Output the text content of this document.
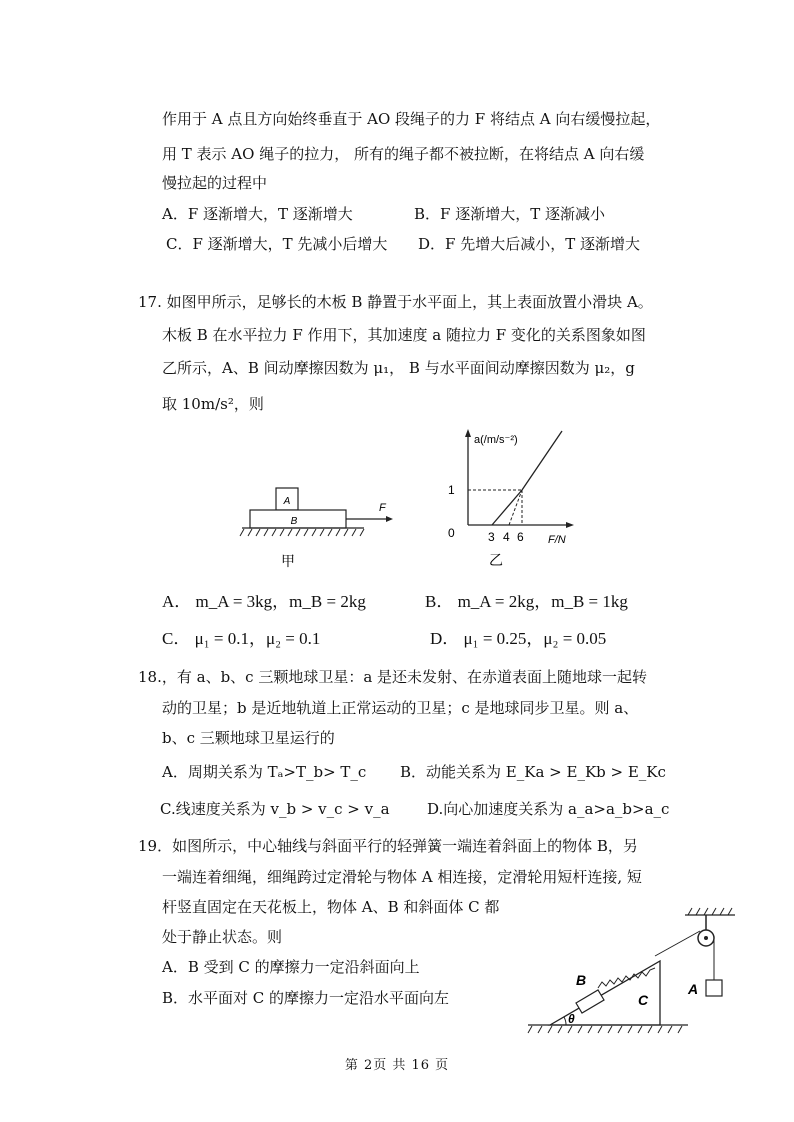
作用于 A 点且方向始终垂直于 AO 段绳子的力 F 将结点 A 向右缓慢拉起，
用 T 表示 AO 绳子的拉力， 所有的绳子都不被拉断，在将结点 A 向右缓
慢拉起的过程中
A．F 逐渐增大，T 逐渐增大	B．F 逐渐增大，T 逐渐减小
C．F 逐渐增大，T 先减小后增大 D．F 先增大后减小，T 逐渐增大
17. 如图甲所示，足够长的木板 B 静置于水平面上，其上表面放置小滑块 A。
木板 B 在水平拉力 F 作用下，其加速度 a 随拉力 F 变化的关系图象如图
乙所示，A、B 间动摩擦因数为 μ₁， B 与水平面间动摩擦因数为 μ₂，g
取 10m/s²，则
A
B
F
甲
a(/m/s⁻²)
F/N
0
1
3 4 6
乙
A． m_A = 3kg，m_B = 2kg	B． m_A = 2kg，m_B = 1kg
C． μ₁ = 0.1，μ₂ = 0.1	D． μ₁ = 0.25，μ₂ = 0.05
18.，有 a、b、c 三颗地球卫星：a 是还未发射、在赤道表面上随地球一起转
动的卫星；b 是近地轨道上正常运动的卫星；c 是地球同步卫星。则 a、
b、c 三颗地球卫星运行的
A．周期关系为 Tₐ>T_b> T_c B．动能关系为 E_Ka > E_Kb > E_Kc
C.线速度关系为 v_b > v_c > v_a D.向心加速度关系为 a_a>a_b>a_c
19．如图所示，中心轴线与斜面平行的轻弹簧一端连着斜面上的物体 B，另
一端连着细绳，细绳跨过定滑轮与物体 A 相连接，定滑轮用短杆连接, 短
杆竖直固定在天花板上，物体 A、B 和斜面体 C 都
处于静止状态。则
A．B 受到 C 的摩擦力一定沿斜面向上
B．水平面对 C 的摩擦力一定沿水平面向左	A
C
B
θ
第 2页 共 16 页
